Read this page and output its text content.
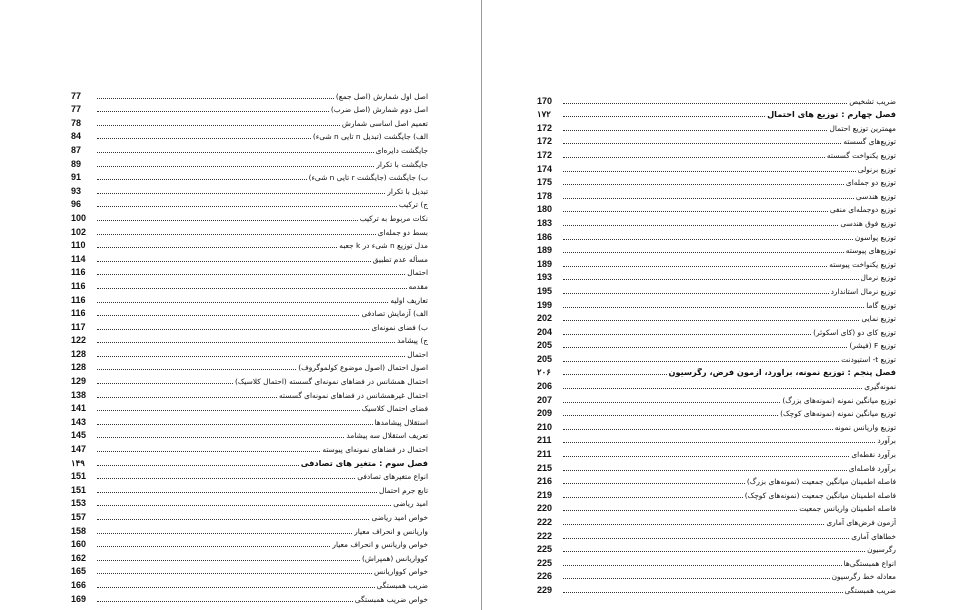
77	اصل اول شمارش (اصل جمع)
77	اصل دوم شمارش (اصل ضرب)
78	تعمیم اصل اساسی شمارش
84	الف) جایگشت (تبدیل n تایی n شیء)
87	جایگشت دایره‌ای
89	جایگشت با تکرار
91	ب) جایگشت (جایگشت r تایی n شیء)
93	تبدیل با تکرار
96	ج) ترکیب
100	نکات مربوط به ترکیب
102	بسط دو جمله‌ای
110	مدل توزیع n شیء در k جعبه
114	مسأله عدم تطبیق
116	احتمال
116	مقدمه
116	تعاریف اولیه
116	الف) آزمایش تصادفی
117	ب) فضای نمونه‌ای
122	ج) پیشامد
128	احتمال
128	اصول احتمال (اصول موضوع کولموگروف)
129	احتمال همشانس در فضاهای نمونه‌ای گسسته (احتمال کلاسیک)
138	احتمال غیرهمشانس در فضاهای نمونه‌ای گسسته
141	فضای احتمال کلاسیک
143	استقلال پیشامدها
145	تعریف استقلال سه پیشامد
147	احتمال در فضاهای نمونه‌ای پیوسته
۱۴۹	فصل سوم : متغیر های تصادفی
151	انواع متغیرهای تصادفی
151	تابع جرم احتمال
153	امید ریاضی
157	خواص امید ریاضی
158	واریانس و انحراف معیار
160	خواص واریانس و انحراف معیار
162	کوواریانس (همپراش)
165	خواص کوواریانس
166	ضریب همبستگی
169	خواص ضریب همبستگی
170	ضریب تشخیص
۱۷۲	فصل چهارم : توزیع های احتمال
172	مهمترین توزیع احتمال
172	توزیع‌های گسسته
172	توزیع یکنواخت گسسته
174	توزیع برنولی
175	توزیع دو جمله‌ای
178	توزیع هندسی
180	توزیع دوجمله‌ای منفی
183	توزیع فوق هندسی
186	توزیع پواسون
189	توزیع‌های پیوسته
189	توزیع یکنواخت پیوسته
193	توزیع نرمال
195	توزیع نرمال استاندارد
199	توزیع گاما
202	توزیع نمایی
204	توزیع کای دو (کای اسکوئر)
205	توزیع F (فیشر)
205	توزیع t- استیودنت
۲۰۶	فصل پنجم : توزیع نمونه، برآورد، آزمون فرض، رگرسیون
206	نمونه‌گیری
207	توزیع میانگین نمونه (نمونه‌های بزرگ)
209	توزیع میانگین نمونه (نمونه‌های کوچک)
210	توزیع واریانس نمونه
211	برآورد
211	برآورد نقطه‌ای
215	برآورد فاصله‌ای
216	فاصله اطمینان میانگین جمعیت (نمونه‌های بزرگ)
219	فاصله اطمینان میانگین جمعیت (نمونه‌های کوچک)
220	فاصله اطمینان واریانس جمعیت
222	آزمون فرض‌های آماری
222	خطاهای آماری
225	رگرسیون
225	انواع همبستگی‌ها
226	معادله خط رگرسیون
229	ضریب همبستگی
